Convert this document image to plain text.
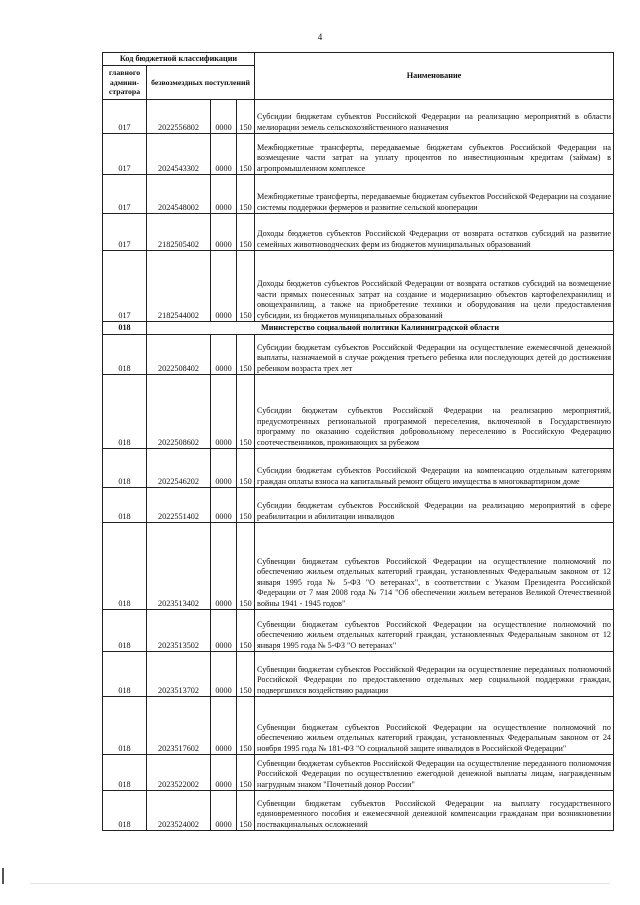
4
Код бюджетной классификации				Наименование
главного админи-стратора	безвозмездных поступлений			
017	2022556802	0000	150	Субсидии бюджетам субъектов Российской Федерации на реализацию мероприятий в области мелиорации земель сельскохозяйственного назначения
017	2024543302	0000	150	Межбюджетные трансферты, передаваемые бюджетам субъектов Российской Федерации на возмещение части затрат на уплату процентов по инвестиционным кредитам (займам) в агропромышленном комплексе
017	2024548002	0000	150	Межбюджетные трансферты, передаваемые бюджетам субъектов Российской Федерации на создание системы поддержки фермеров и развитие сельской кооперации
017	2182505402	0000	150	Доходы бюджетов субъектов Российской Федерации от возврата остатков субсидий на развитие семейных животноводческих ферм из бюджетов муниципальных образований
017	2182544002	0000	150	Доходы бюджетов субъектов Российской Федерации от возврата остатков субсидий на возмещение части прямых понесенных затрат на создание и модернизацию объектов картофелехранилищ и овощехранилищ, а также на приобретение техники и оборудования на цели предоставления субсидии, из бюджетов муниципальных образований
018	Министерство социальной политики Калининградской области			
018	2022508402	0000	150	Субсидии бюджетам субъектов Российской Федерации на осуществление ежемесячной денежной выплаты, назначаемой в случае рождения третьего ребенка или последующих детей до достижения ребенком возраста трех лет
018	2022508602	0000	150	Субсидии бюджетам субъектов Российской Федерации на реализацию мероприятий, предусмотренных региональной программой переселения, включенной в Государственную программу по оказанию содействия добровольному переселению в Российскую Федерацию соотечественников, проживающих за рубежом
018	2022546202	0000	150	Субсидии бюджетам субъектов Российской Федерации на компенсацию отдельным категориям граждан оплаты взноса на капитальный ремонт общего имущества в многоквартирном доме
018	2022551402	0000	150	Субсидии бюджетам субъектов Российской Федерации на реализацию мероприятий в сфере реабилитации и абилитации инвалидов
018	2023513402	0000	150	Субвенции бюджетам субъектов Российской Федерации на осуществление полномочий по обеспечению жильем отдельных категорий граждан, установленных Федеральным законом от 12 января 1995 года № 5-ФЗ "О ветеранах", в соответствии с Указом Президента Российской Федерации от 7 мая 2008 года № 714 "Об обеспечении жильем ветеранов Великой Отечественной войны 1941 - 1945 годов"
018	2023513502	0000	150	Субвенции бюджетам субъектов Российской Федерации на осуществление полномочий по обеспечению жильем отдельных категорий граждан, установленных Федеральным законом от 12 января 1995 года № 5-ФЗ "О ветеранах"
018	2023513702	0000	150	Субвенции бюджетам субъектов Российской Федерации на осуществление переданных полномочий Российской Федерации по предоставлению отдельных мер социальной поддержки граждан, подвергшихся воздействию радиации
018	2023517602	0000	150	Субвенции бюджетам субъектов Российской Федерации на осуществление полномочий по обеспечению жильем отдельных категорий граждан, установленных Федеральным законом от 24 ноября 1995 года № 181-ФЗ "О социальной защите инвалидов в Российской Федерации"
018	2023522002	0000	150	Субвенции бюджетам субъектов Российской Федерации на осуществление переданного полномочия Российской Федерации по осуществлению ежегодной денежной выплаты лицам, награжденным нагрудным знаком "Почетный донор России"
018	2023524002	0000	150	Субвенции бюджетам субъектов Российской Федерации на выплату государственного единовременного пособия и ежемесячной денежной компенсации гражданам при возникновении поствакцинальных осложнений
